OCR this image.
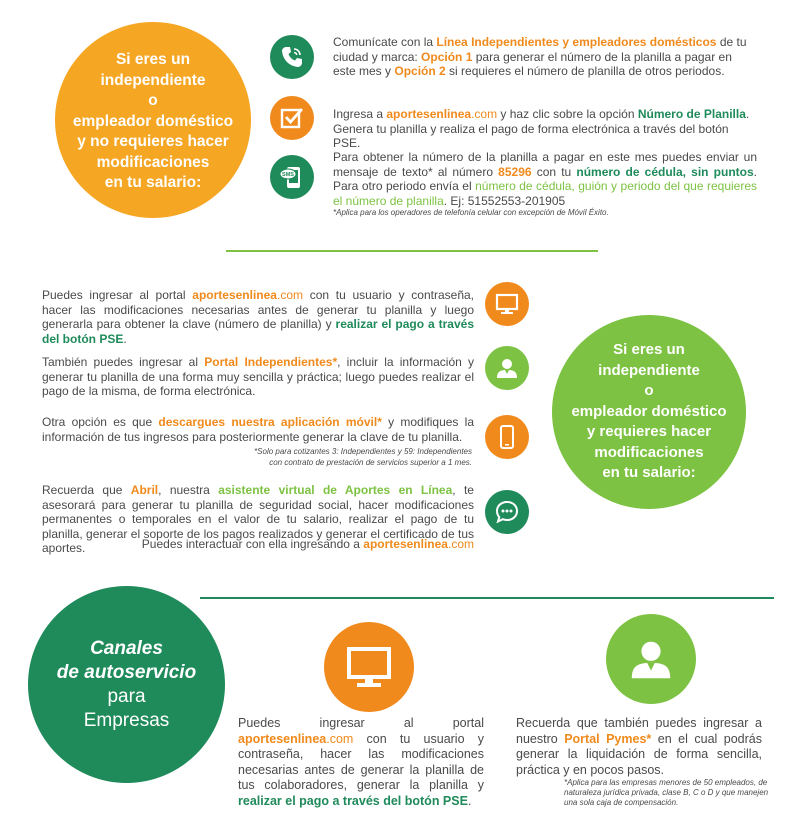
Si eres un
independiente
o
empleador doméstico
y no requieres hacer
modificaciones
en tu salario:
Comunícate con la Línea Independientes y empleadores domésticos de tu ciudad y marca: Opción 1 para generar el número de la planilla a pagar en este mes y Opción 2 si requieres el número de planilla de otros periodos.
Ingresa a aportesenlinea.com y haz clic sobre la opción Número de Planilla. Genera tu planilla y realiza el pago de forma electrónica a través del botón PSE.
SMS
Para obtener la número de la planilla a pagar en este mes puedes enviar un mensaje de texto* al número 85296 con tu número de cédula, sin puntos. Para otro periodo envía el número de cédula, guión y periodo del que requieres el número de planilla. Ej: 51552553-201905
*Aplica para los operadores de telefonía celular con excepción de Móvil Éxito.
Puedes ingresar al portal aportesenlinea.com con tu usuario y contraseña, hacer las modificaciones necesarias antes de generar tu planilla y luego generarla para obtener la clave (número de planilla) y realizar el pago a través del botón PSE.
También puedes ingresar al Portal Independientes*, incluir la información y generar tu planilla de una forma muy sencilla y práctica; luego puedes realizar el pago de la misma, de forma electrónica.
Otra opción es que descargues nuestra aplicación móvil* y modifiques la información de tus ingresos para posteriormente generar la clave de tu planilla.
*Solo para cotizantes 3: Independientes y 59: Independientes
con contrato de prestación de servicios superior a 1 mes.
Recuerda que Abril, nuestra asistente virtual de Aportes en Línea, te asesorará para generar tu planilla de seguridad social, hacer modificaciones permanentes o temporales en el valor de tu salario, realizar el pago de tu planilla, generar el soporte de los pagos realizados y generar el certificado de tus aportes.	Puedes interactuar con ella ingresando a aportesenlinea.com
Si eres un
independiente
o
empleador doméstico
y requieres hacer
modificaciones
en tu salario:
Canales
de autoservicio
para
Empresas	Puedes ingresar al portal aportesenlinea.com con tu usuario y contraseña, hacer las modificaciones necesarias antes de generar la planilla de tus colaboradores, generar la planilla y realizar el pago a través del botón PSE.
Recuerda que también puedes ingresar a nuestro Portal Pymes* en el cual podrás generar la liquidación de forma sencilla, práctica y en pocos pasos.
*Aplica para las empresas menores de 50 empleados, de naturaleza jurídica privada, clase B, C o D y que manejen una sola caja de compensación.
